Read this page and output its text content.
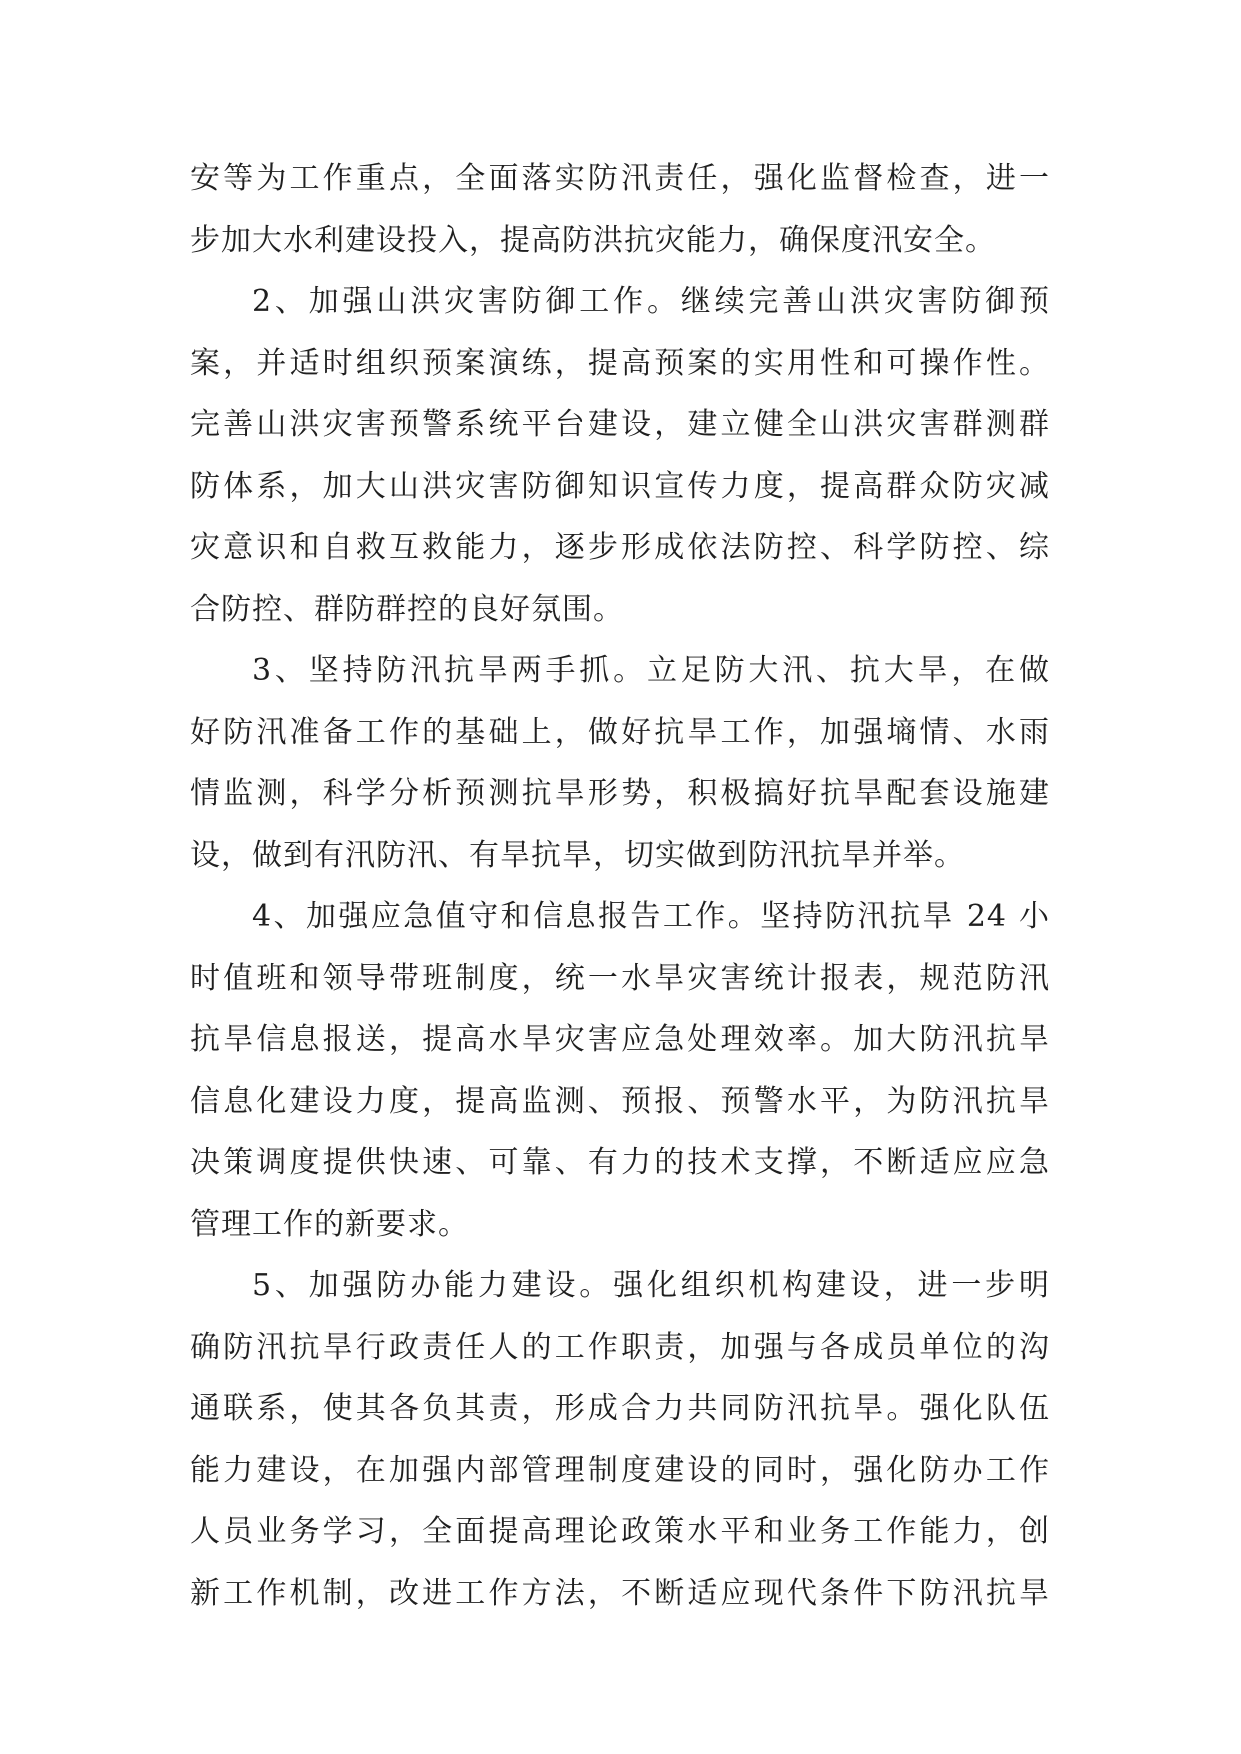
安等为工作重点，全面落实防汛责任，强化监督检查，进一
步加大水利建设投入，提高防洪抗灾能力，确保度汛安全。
2、加强山洪灾害防御工作。继续完善山洪灾害防御预
案，并适时组织预案演练，提高预案的实用性和可操作性。
完善山洪灾害预警系统平台建设，建立健全山洪灾害群测群
防体系，加大山洪灾害防御知识宣传力度，提高群众防灾减
灾意识和自救互救能力，逐步形成依法防控、科学防控、综
合防控、群防群控的良好氛围。
3、坚持防汛抗旱两手抓。立足防大汛、抗大旱，在做
好防汛准备工作的基础上，做好抗旱工作，加强墒情、水雨
情监测，科学分析预测抗旱形势，积极搞好抗旱配套设施建
设，做到有汛防汛、有旱抗旱，切实做到防汛抗旱并举。
4、加强应急值守和信息报告工作。坚持防汛抗旱 24 小
时值班和领导带班制度，统一水旱灾害统计报表，规范防汛
抗旱信息报送，提高水旱灾害应急处理效率。加大防汛抗旱
信息化建设力度，提高监测、预报、预警水平，为防汛抗旱
决策调度提供快速、可靠、有力的技术支撑，不断适应应急
管理工作的新要求。
5、加强防办能力建设。强化组织机构建设，进一步明
确防汛抗旱行政责任人的工作职责，加强与各成员单位的沟
通联系，使其各负其责，形成合力共同防汛抗旱。强化队伍
能力建设，在加强内部管理制度建设的同时，强化防办工作
人员业务学习，全面提高理论政策水平和业务工作能力，创
新工作机制，改进工作方法，不断适应现代条件下防汛抗旱
